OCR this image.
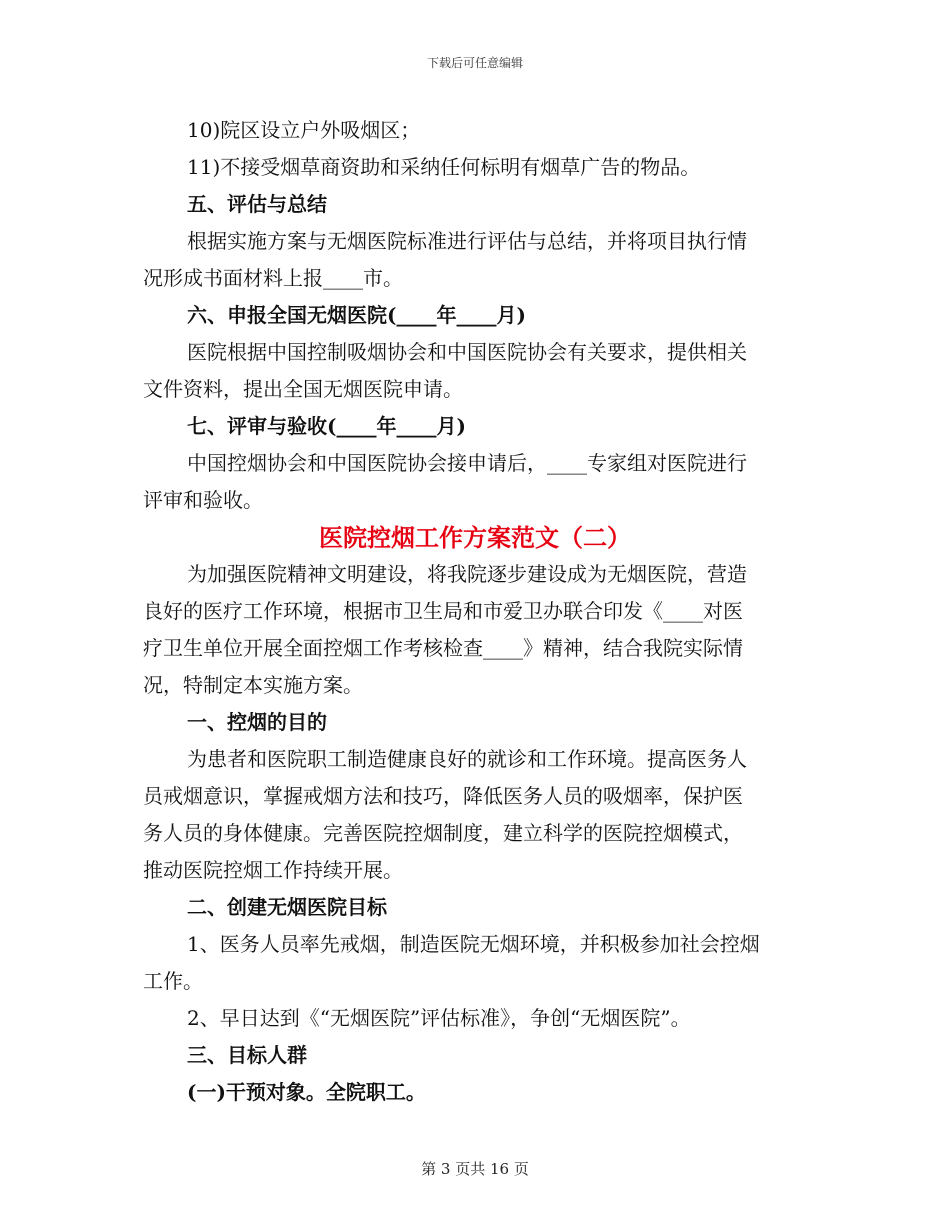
下载后可任意编辑
10)院区设立户外吸烟区；
11)不接受烟草商资助和采纳任何标明有烟草广告的物品。
五、评估与总结
根据实施方案与无烟医院标准进行评估与总结，并将项目执行情
况形成书面材料上报____市。
六、申报全国无烟医院(____年____月)
医院根据中国控制吸烟协会和中国医院协会有关要求，提供相关
文件资料，提出全国无烟医院申请。
七、评审与验收(____年____月)
中国控烟协会和中国医院协会接申请后，____专家组对医院进行
评审和验收。
医院控烟工作方案范文（二）
为加强医院精神文明建设，将我院逐步建设成为无烟医院，营造
良好的医疗工作环境，根据市卫生局和市爱卫办联合印发《____对医
疗卫生单位开展全面控烟工作考核检查____》精神，结合我院实际情
况，特制定本实施方案。
一、控烟的目的
为患者和医院职工制造健康良好的就诊和工作环境。提高医务人
员戒烟意识，掌握戒烟方法和技巧，降低医务人员的吸烟率，保护医
务人员的身体健康。完善医院控烟制度，建立科学的医院控烟模式，
推动医院控烟工作持续开展。
二、创建无烟医院目标
1、医务人员率先戒烟，制造医院无烟环境，并积极参加社会控烟
工作。
2、早日达到《“无烟医院”评估标准》，争创“无烟医院”。
三、目标人群
(一)干预对象。全院职工。
第 3 页共 16 页
